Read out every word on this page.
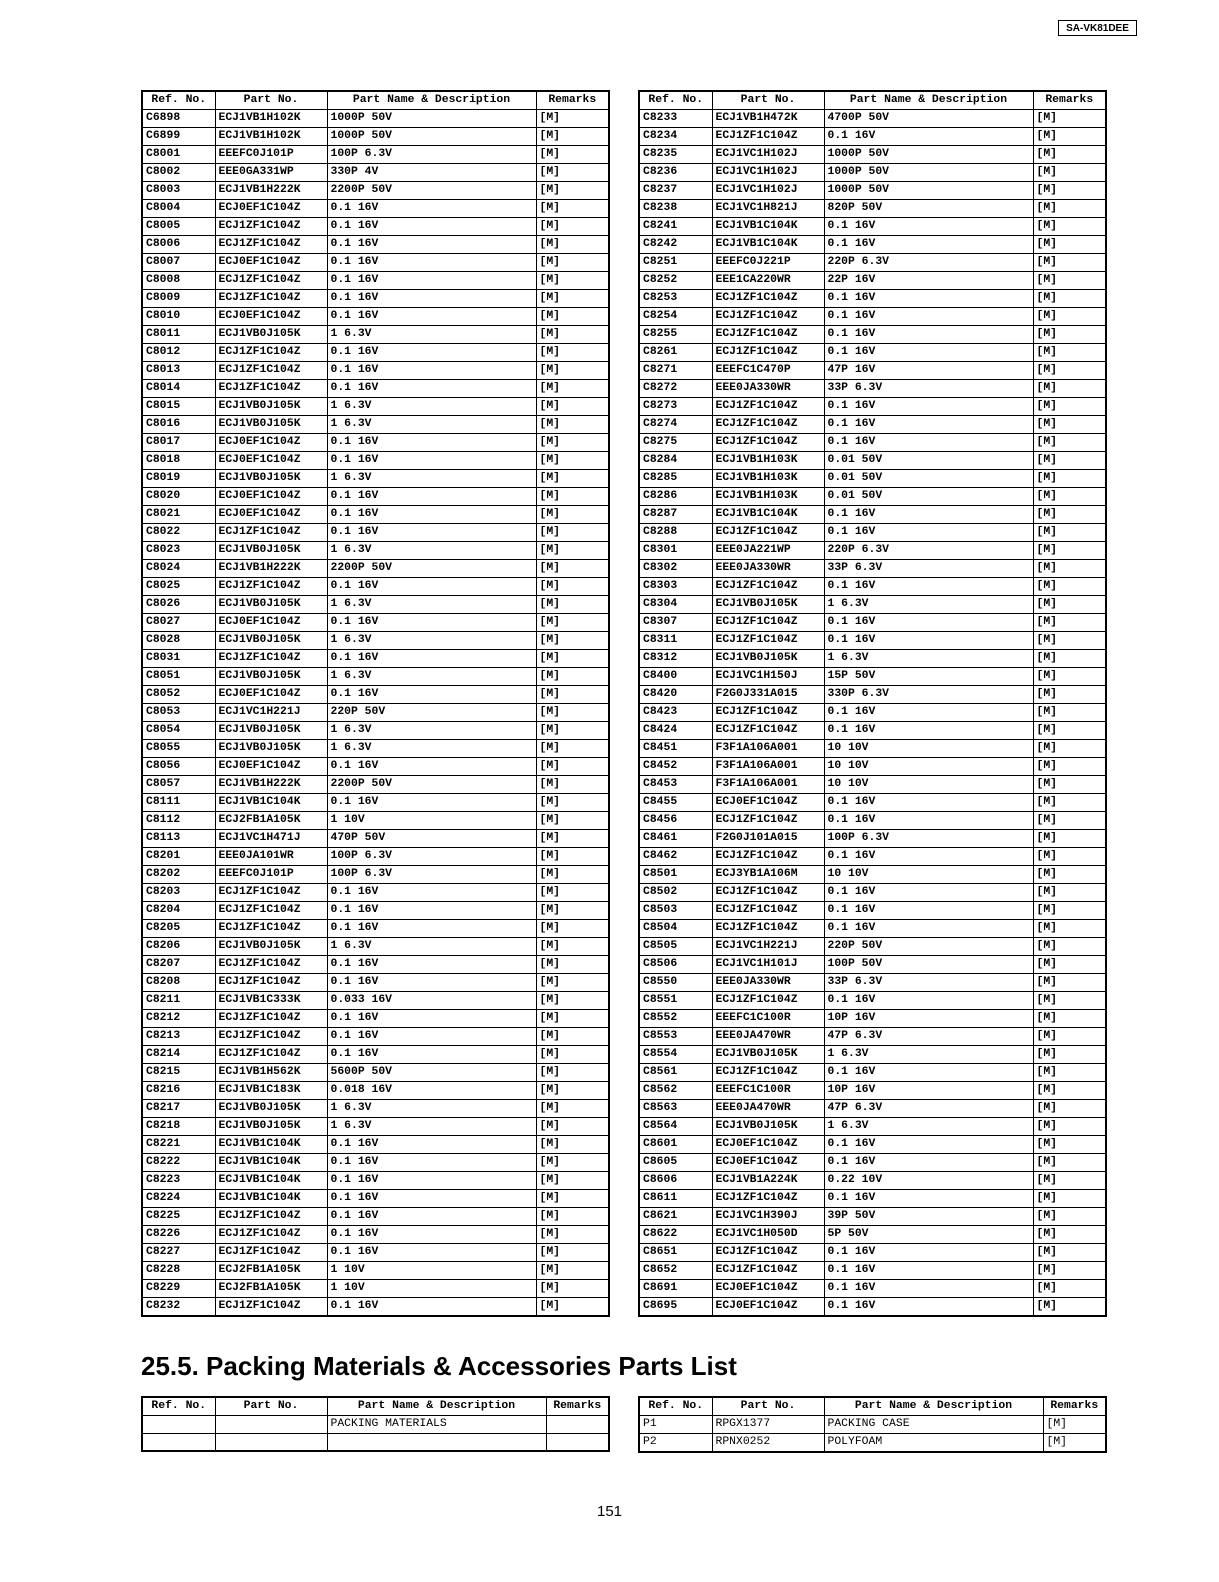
SA-VK81DEE
Ref. No.	Part No.	Part Name & Description	Remarks
C6898	ECJ1VB1H102K	1000P 50V	[M]
C6899	ECJ1VB1H102K	1000P 50V	[M]
C8001	EEEFC0J101P	100P 6.3V	[M]
C8002	EEE0GA331WP	330P 4V	[M]
C8003	ECJ1VB1H222K	2200P 50V	[M]
C8004	ECJ0EF1C104Z	0.1 16V	[M]
C8005	ECJ1ZF1C104Z	0.1 16V	[M]
C8006	ECJ1ZF1C104Z	0.1 16V	[M]
C8007	ECJ0EF1C104Z	0.1 16V	[M]
C8008	ECJ1ZF1C104Z	0.1 16V	[M]
C8009	ECJ1ZF1C104Z	0.1 16V	[M]
C8010	ECJ0EF1C104Z	0.1 16V	[M]
C8011	ECJ1VB0J105K	1 6.3V	[M]
C8012	ECJ1ZF1C104Z	0.1 16V	[M]
C8013	ECJ1ZF1C104Z	0.1 16V	[M]
C8014	ECJ1ZF1C104Z	0.1 16V	[M]
C8015	ECJ1VB0J105K	1 6.3V	[M]
C8016	ECJ1VB0J105K	1 6.3V	[M]
C8017	ECJ0EF1C104Z	0.1 16V	[M]
C8018	ECJ0EF1C104Z	0.1 16V	[M]
C8019	ECJ1VB0J105K	1 6.3V	[M]
C8020	ECJ0EF1C104Z	0.1 16V	[M]
C8021	ECJ0EF1C104Z	0.1 16V	[M]
C8022	ECJ1ZF1C104Z	0.1 16V	[M]
C8023	ECJ1VB0J105K	1 6.3V	[M]
C8024	ECJ1VB1H222K	2200P 50V	[M]
C8025	ECJ1ZF1C104Z	0.1 16V	[M]
C8026	ECJ1VB0J105K	1 6.3V	[M]
C8027	ECJ0EF1C104Z	0.1 16V	[M]
C8028	ECJ1VB0J105K	1 6.3V	[M]
C8031	ECJ1ZF1C104Z	0.1 16V	[M]
C8051	ECJ1VB0J105K	1 6.3V	[M]
C8052	ECJ0EF1C104Z	0.1 16V	[M]
C8053	ECJ1VC1H221J	220P 50V	[M]
C8054	ECJ1VB0J105K	1 6.3V	[M]
C8055	ECJ1VB0J105K	1 6.3V	[M]
C8056	ECJ0EF1C104Z	0.1 16V	[M]
C8057	ECJ1VB1H222K	2200P 50V	[M]
C8111	ECJ1VB1C104K	0.1 16V	[M]
C8112	ECJ2FB1A105K	1 10V	[M]
C8113	ECJ1VC1H471J	470P 50V	[M]
C8201	EEE0JA101WR	100P 6.3V	[M]
C8202	EEEFC0J101P	100P 6.3V	[M]
C8203	ECJ1ZF1C104Z	0.1 16V	[M]
C8204	ECJ1ZF1C104Z	0.1 16V	[M]
C8205	ECJ1ZF1C104Z	0.1 16V	[M]
C8206	ECJ1VB0J105K	1 6.3V	[M]
C8207	ECJ1ZF1C104Z	0.1 16V	[M]
C8208	ECJ1ZF1C104Z	0.1 16V	[M]
C8211	ECJ1VB1C333K	0.033 16V	[M]
C8212	ECJ1ZF1C104Z	0.1 16V	[M]
C8213	ECJ1ZF1C104Z	0.1 16V	[M]
C8214	ECJ1ZF1C104Z	0.1 16V	[M]
C8215	ECJ1VB1H562K	5600P 50V	[M]
C8216	ECJ1VB1C183K	0.018 16V	[M]
C8217	ECJ1VB0J105K	1 6.3V	[M]
C8218	ECJ1VB0J105K	1 6.3V	[M]
C8221	ECJ1VB1C104K	0.1 16V	[M]
C8222	ECJ1VB1C104K	0.1 16V	[M]
C8223	ECJ1VB1C104K	0.1 16V	[M]
C8224	ECJ1VB1C104K	0.1 16V	[M]
C8225	ECJ1ZF1C104Z	0.1 16V	[M]
C8226	ECJ1ZF1C104Z	0.1 16V	[M]
C8227	ECJ1ZF1C104Z	0.1 16V	[M]
C8228	ECJ2FB1A105K	1 10V	[M]
C8229	ECJ2FB1A105K	1 10V	[M]
C8232	ECJ1ZF1C104Z	0.1 16V	[M]
Ref. No.	Part No.	Part Name & Description	Remarks
C8233	ECJ1VB1H472K	4700P 50V	[M]
C8234	ECJ1ZF1C104Z	0.1 16V	[M]
C8235	ECJ1VC1H102J	1000P 50V	[M]
C8236	ECJ1VC1H102J	1000P 50V	[M]
C8237	ECJ1VC1H102J	1000P 50V	[M]
C8238	ECJ1VC1H821J	820P 50V	[M]
C8241	ECJ1VB1C104K	0.1 16V	[M]
C8242	ECJ1VB1C104K	0.1 16V	[M]
C8251	EEEFC0J221P	220P 6.3V	[M]
C8252	EEE1CA220WR	22P 16V	[M]
C8253	ECJ1ZF1C104Z	0.1 16V	[M]
C8254	ECJ1ZF1C104Z	0.1 16V	[M]
C8255	ECJ1ZF1C104Z	0.1 16V	[M]
C8261	ECJ1ZF1C104Z	0.1 16V	[M]
C8271	EEEFC1C470P	47P 16V	[M]
C8272	EEE0JA330WR	33P 6.3V	[M]
C8273	ECJ1ZF1C104Z	0.1 16V	[M]
C8274	ECJ1ZF1C104Z	0.1 16V	[M]
C8275	ECJ1ZF1C104Z	0.1 16V	[M]
C8284	ECJ1VB1H103K	0.01 50V	[M]
C8285	ECJ1VB1H103K	0.01 50V	[M]
C8286	ECJ1VB1H103K	0.01 50V	[M]
C8287	ECJ1VB1C104K	0.1 16V	[M]
C8288	ECJ1ZF1C104Z	0.1 16V	[M]
C8301	EEE0JA221WP	220P 6.3V	[M]
C8302	EEE0JA330WR	33P 6.3V	[M]
C8303	ECJ1ZF1C104Z	0.1 16V	[M]
C8304	ECJ1VB0J105K	1 6.3V	[M]
C8307	ECJ1ZF1C104Z	0.1 16V	[M]
C8311	ECJ1ZF1C104Z	0.1 16V	[M]
C8312	ECJ1VB0J105K	1 6.3V	[M]
C8400	ECJ1VC1H150J	15P 50V	[M]
C8420	F2G0J331A015	330P 6.3V	[M]
C8423	ECJ1ZF1C104Z	0.1 16V	[M]
C8424	ECJ1ZF1C104Z	0.1 16V	[M]
C8451	F3F1A106A001	10 10V	[M]
C8452	F3F1A106A001	10 10V	[M]
C8453	F3F1A106A001	10 10V	[M]
C8455	ECJ0EF1C104Z	0.1 16V	[M]
C8456	ECJ1ZF1C104Z	0.1 16V	[M]
C8461	F2G0J101A015	100P 6.3V	[M]
C8462	ECJ1ZF1C104Z	0.1 16V	[M]
C8501	ECJ3YB1A106M	10 10V	[M]
C8502	ECJ1ZF1C104Z	0.1 16V	[M]
C8503	ECJ1ZF1C104Z	0.1 16V	[M]
C8504	ECJ1ZF1C104Z	0.1 16V	[M]
C8505	ECJ1VC1H221J	220P 50V	[M]
C8506	ECJ1VC1H101J	100P 50V	[M]
C8550	EEE0JA330WR	33P 6.3V	[M]
C8551	ECJ1ZF1C104Z	0.1 16V	[M]
C8552	EEEFC1C100R	10P 16V	[M]
C8553	EEE0JA470WR	47P 6.3V	[M]
C8554	ECJ1VB0J105K	1 6.3V	[M]
C8561	ECJ1ZF1C104Z	0.1 16V	[M]
C8562	EEEFC1C100R	10P 16V	[M]
C8563	EEE0JA470WR	47P 6.3V	[M]
C8564	ECJ1VB0J105K	1 6.3V	[M]
C8601	ECJ0EF1C104Z	0.1 16V	[M]
C8605	ECJ0EF1C104Z	0.1 16V	[M]
C8606	ECJ1VB1A224K	0.22 10V	[M]
C8611	ECJ1ZF1C104Z	0.1 16V	[M]
C8621	ECJ1VC1H390J	39P 50V	[M]
C8622	ECJ1VC1H050D	5P 50V	[M]
C8651	ECJ1ZF1C104Z	0.1 16V	[M]
C8652	ECJ1ZF1C104Z	0.1 16V	[M]
C8691	ECJ0EF1C104Z	0.1 16V	[M]
C8695	ECJ0EF1C104Z	0.1 16V	[M]
25.5. Packing Materials & Accessories Parts List
Ref. No.	Part No.	Part Name & Description	Remarks
		PACKING MATERIALS	

Ref. No.	Part No.	Part Name & Description	Remarks
P1	RPGX1377	PACKING CASE	[M]
P2	RPNX0252	POLYFOAM	[M]
151
